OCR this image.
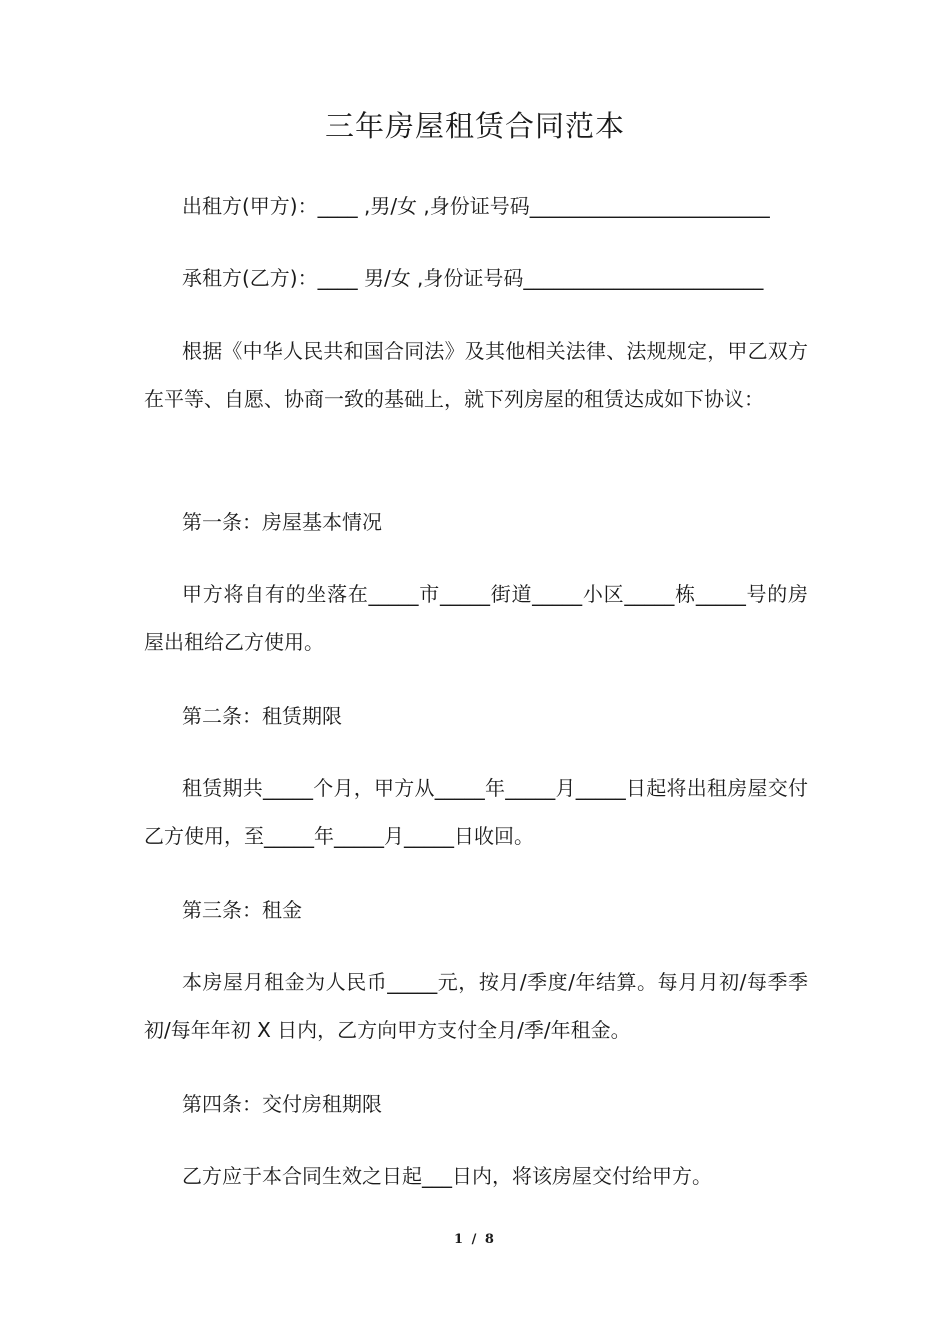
三年房屋租赁合同范本
出租方(甲方)：____ ,男/女 ,身份证号码________________________
承租方(乙方)：____ 男/女 ,身份证号码________________________
根据《中华人民共和国合同法》及其他相关法律、法规规定，甲乙双方在平等、自愿、协商一致的基础上，就下列房屋的租赁达成如下协议：
第一条：房屋基本情况
甲方将自有的坐落在_____市_____街道_____小区_____栋_____号的房屋出租给乙方使用。
第二条：租赁期限
租赁期共_____个月，甲方从_____年_____月_____日起将出租房屋交付乙方使用，至_____年_____月_____日收回。
第三条：租金
本房屋月租金为人民币_____元，按月/季度/年结算。每月月初/每季季初/每年年初 X 日内，乙方向甲方支付全月/季/年租金。
第四条：交付房租期限
乙方应于本合同生效之日起___日内，将该房屋交付给甲方。
1 / 8
